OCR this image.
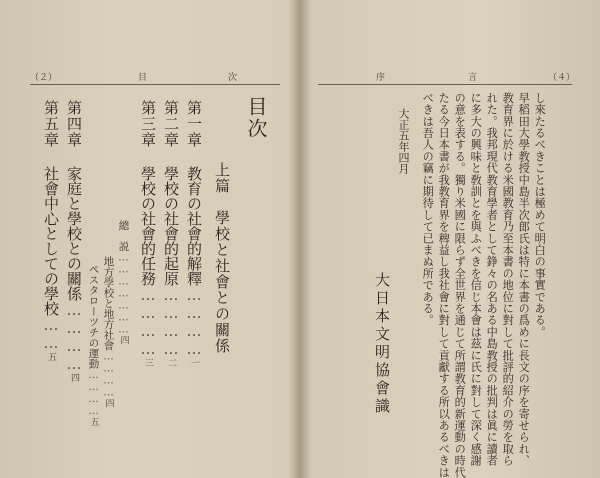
（２）	目	次
目次
上篇　學校と社會との關係
第一章教育の社會的解釋…………一
第二章學校の社會的起原…………二
第三章學校の社會的任務…………三
總　説…………………四
地方學校と地方社會…………四
ペスタローツチの運動…………五
第四章家庭と學校との關係…………四
第五章社會中心としての學校……五
序	言	（４）
し來たるべきことは極めて明白の事實である。
早稻田大學教授中島半次郎氏は特に本書の爲めに長文の序を寄せられ、
教育界に於ける米國教育乃至本書の地位に對して批評的紹介の勞を取ら
れた。我邦現代教育學者として錚々の名ある中島教授の批判は眞に讀者
に多大の興味と敎訓とを與ふべきを信じ本會は茲に氏に對して深く感謝
の意を表する。獨り米國に限らず全世界を通じて所謂教育的新運動の時代
たる今日本書が我教育界を稗益し我社會に對して貢獻する所以あるべきは
べきは吾人の竊に期待して已まぬ所である。
大正五年四月
大日本文明協會識
